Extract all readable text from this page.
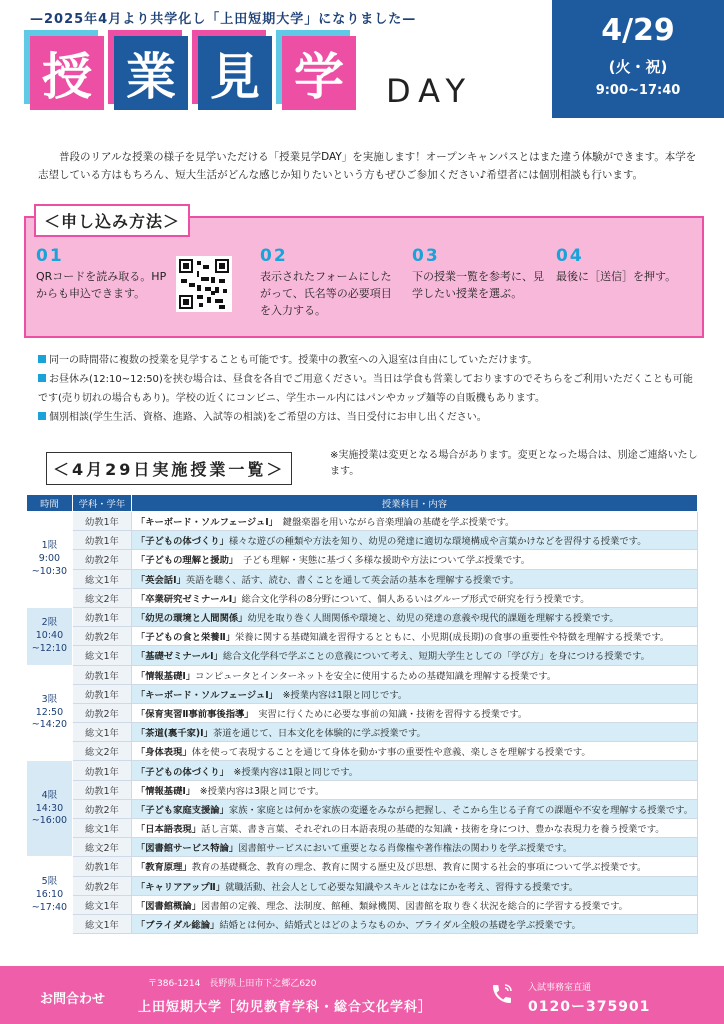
—2025年4月より共学化し「上田短期大学」になりました—	4/29
(火・祝)
9:00~17:40
授 業 見 学	DAY

普段のリアルな授業の様子を見学いただける「授業見学DAY」を実施します！オープンキャンパスとはまた違う体験ができます。本学を志望している方はもちろん、短大生活がどんな感じか知りたいという方もぜひご参加ください♪希望者には個別相談も行います。

＜申し込み方法＞
01
QRコードを読み取る。HPからも申込できます。
02
表示されたフォームにしたがって、氏名等の必要項目を入力する。
03
下の授業一覧を参考に、見学したい授業を選ぶ。
04
最後に［送信］を押す。
同一の時間帯に複数の授業を見学することも可能です。授業中の教室への入退室は自由にしていただけます。
お昼休み(12:10~12:50)を挟む場合は、昼食を各自でご用意ください。当日は学食も営業しておりますのでそちらをご利用いただくことも可能です(売り切れの場合もあり)。学校の近くにコンビニ、学生ホール内にはパンやカップ麺等の自販機もあります。
個別相談(学生生活、資格、進路、入試等の相談)をご希望の方は、当日受付にお申し出ください。
＜4月29日実施授業一覧＞
※実施授業は変更となる場合があります。変更となった場合は、別途ご連絡いたします。
時間	学科・学年	授業科目・内容

1限
9:00
~10:30	幼教1年	「キーボード・ソルフェージュⅠ」　鍵盤楽器を用いながら音楽理論の基礎を学ぶ授業です。
	幼教1年	「子どもの体づくり」様々な遊びの種類や方法を知り、幼児の発達に適切な環境構成や言葉かけなどを習得する授業です。
	幼教2年	「子どもの理解と援助」　子ども理解・実態に基づく多様な援助や方法について学ぶ授業です。
	総文1年	「英会話Ⅰ」英語を聴く、話す、読む、書くことを通して英会話の基本を理解する授業です。
	総文2年	「卒業研究ゼミナールⅠ」総合文化学科の8分野について、個人あるいはグループ形式で研究を行う授業です。

2限
10:40
~12:10	幼教1年	「幼児の環境と人間関係」幼児を取り巻く人間関係や環境と、幼児の発達の意義や現代的課題を理解する授業です。
	幼教2年	「子どもの食と栄養Ⅱ」栄養に関する基礎知識を習得するとともに、小児期(成長期)の食事の重要性や特徴を理解する授業です。
	総文1年	「基礎ゼミナールⅠ」総合文化学科で学ぶことの意義について考え、短期大学生としての「学び方」を身につける授業です。

3限
12:50
~14:20	幼教1年	「情報基礎Ⅰ」コンピュータとインターネットを安全に使用するための基礎知識を理解する授業です。
	幼教1年	「キーボード・ソルフェージュⅠ」　※授業内容は1限と同じです。
	幼教2年	「保育実習Ⅱ事前事後指導」　実習に行くために必要な事前の知識・技術を習得する授業です。
	総文1年	「茶道(裏千家)Ⅰ」茶道を通じて、日本文化を体験的に学ぶ授業です。
	総文2年	「身体表現」体を使って表現することを通じて身体を動かす事の重要性や意義、楽しさを理解する授業です。

4限
14:30
~16:00	幼教1年	「子どもの体づくり」　※授業内容は1限と同じです。
	幼教1年	「情報基礎Ⅰ」　※授業内容は3限と同じです。
	幼教2年	「子ども家庭支援論」家族・家庭とは何かを家族の変遷をみながら把握し、そこから生じる子育ての課題や不安を理解する授業です。
	総文1年	「日本語表現」話し言葉、書き言葉、それぞれの日本語表現の基礎的な知識・技術を身につけ、豊かな表現力を養う授業です。
	総文2年	「図書館サービス特論」図書館サービスにおいて重要となる肖像権や著作権法の関わりを学ぶ授業です。

5限
16:10
~17:40	幼教1年	「教育原理」教育の基礎概念、教育の理念、教育に関する歴史及び思想、教育に関する社会的事項について学ぶ授業です。
	幼教2年	「キャリアアップⅡ」就職活動、社会人として必要な知識やスキルとはなにかを考え、習得する授業です。
	総文1年	「図書館概論」図書館の定義、理念、法制度、館種、類縁機関、図書館を取り巻く状況を総合的に学習する授業です。
	総文1年	「ブライダル総論」結婚とは何か、結婚式とはどのようなものか、ブライダル全般の基礎を学ぶ授業です。
お問合わせ
〒386-1214　長野県上田市下之郷乙620
上田短期大学［幼児教育学科・総合文化学科］
入試事務室直通
0120ー375901
